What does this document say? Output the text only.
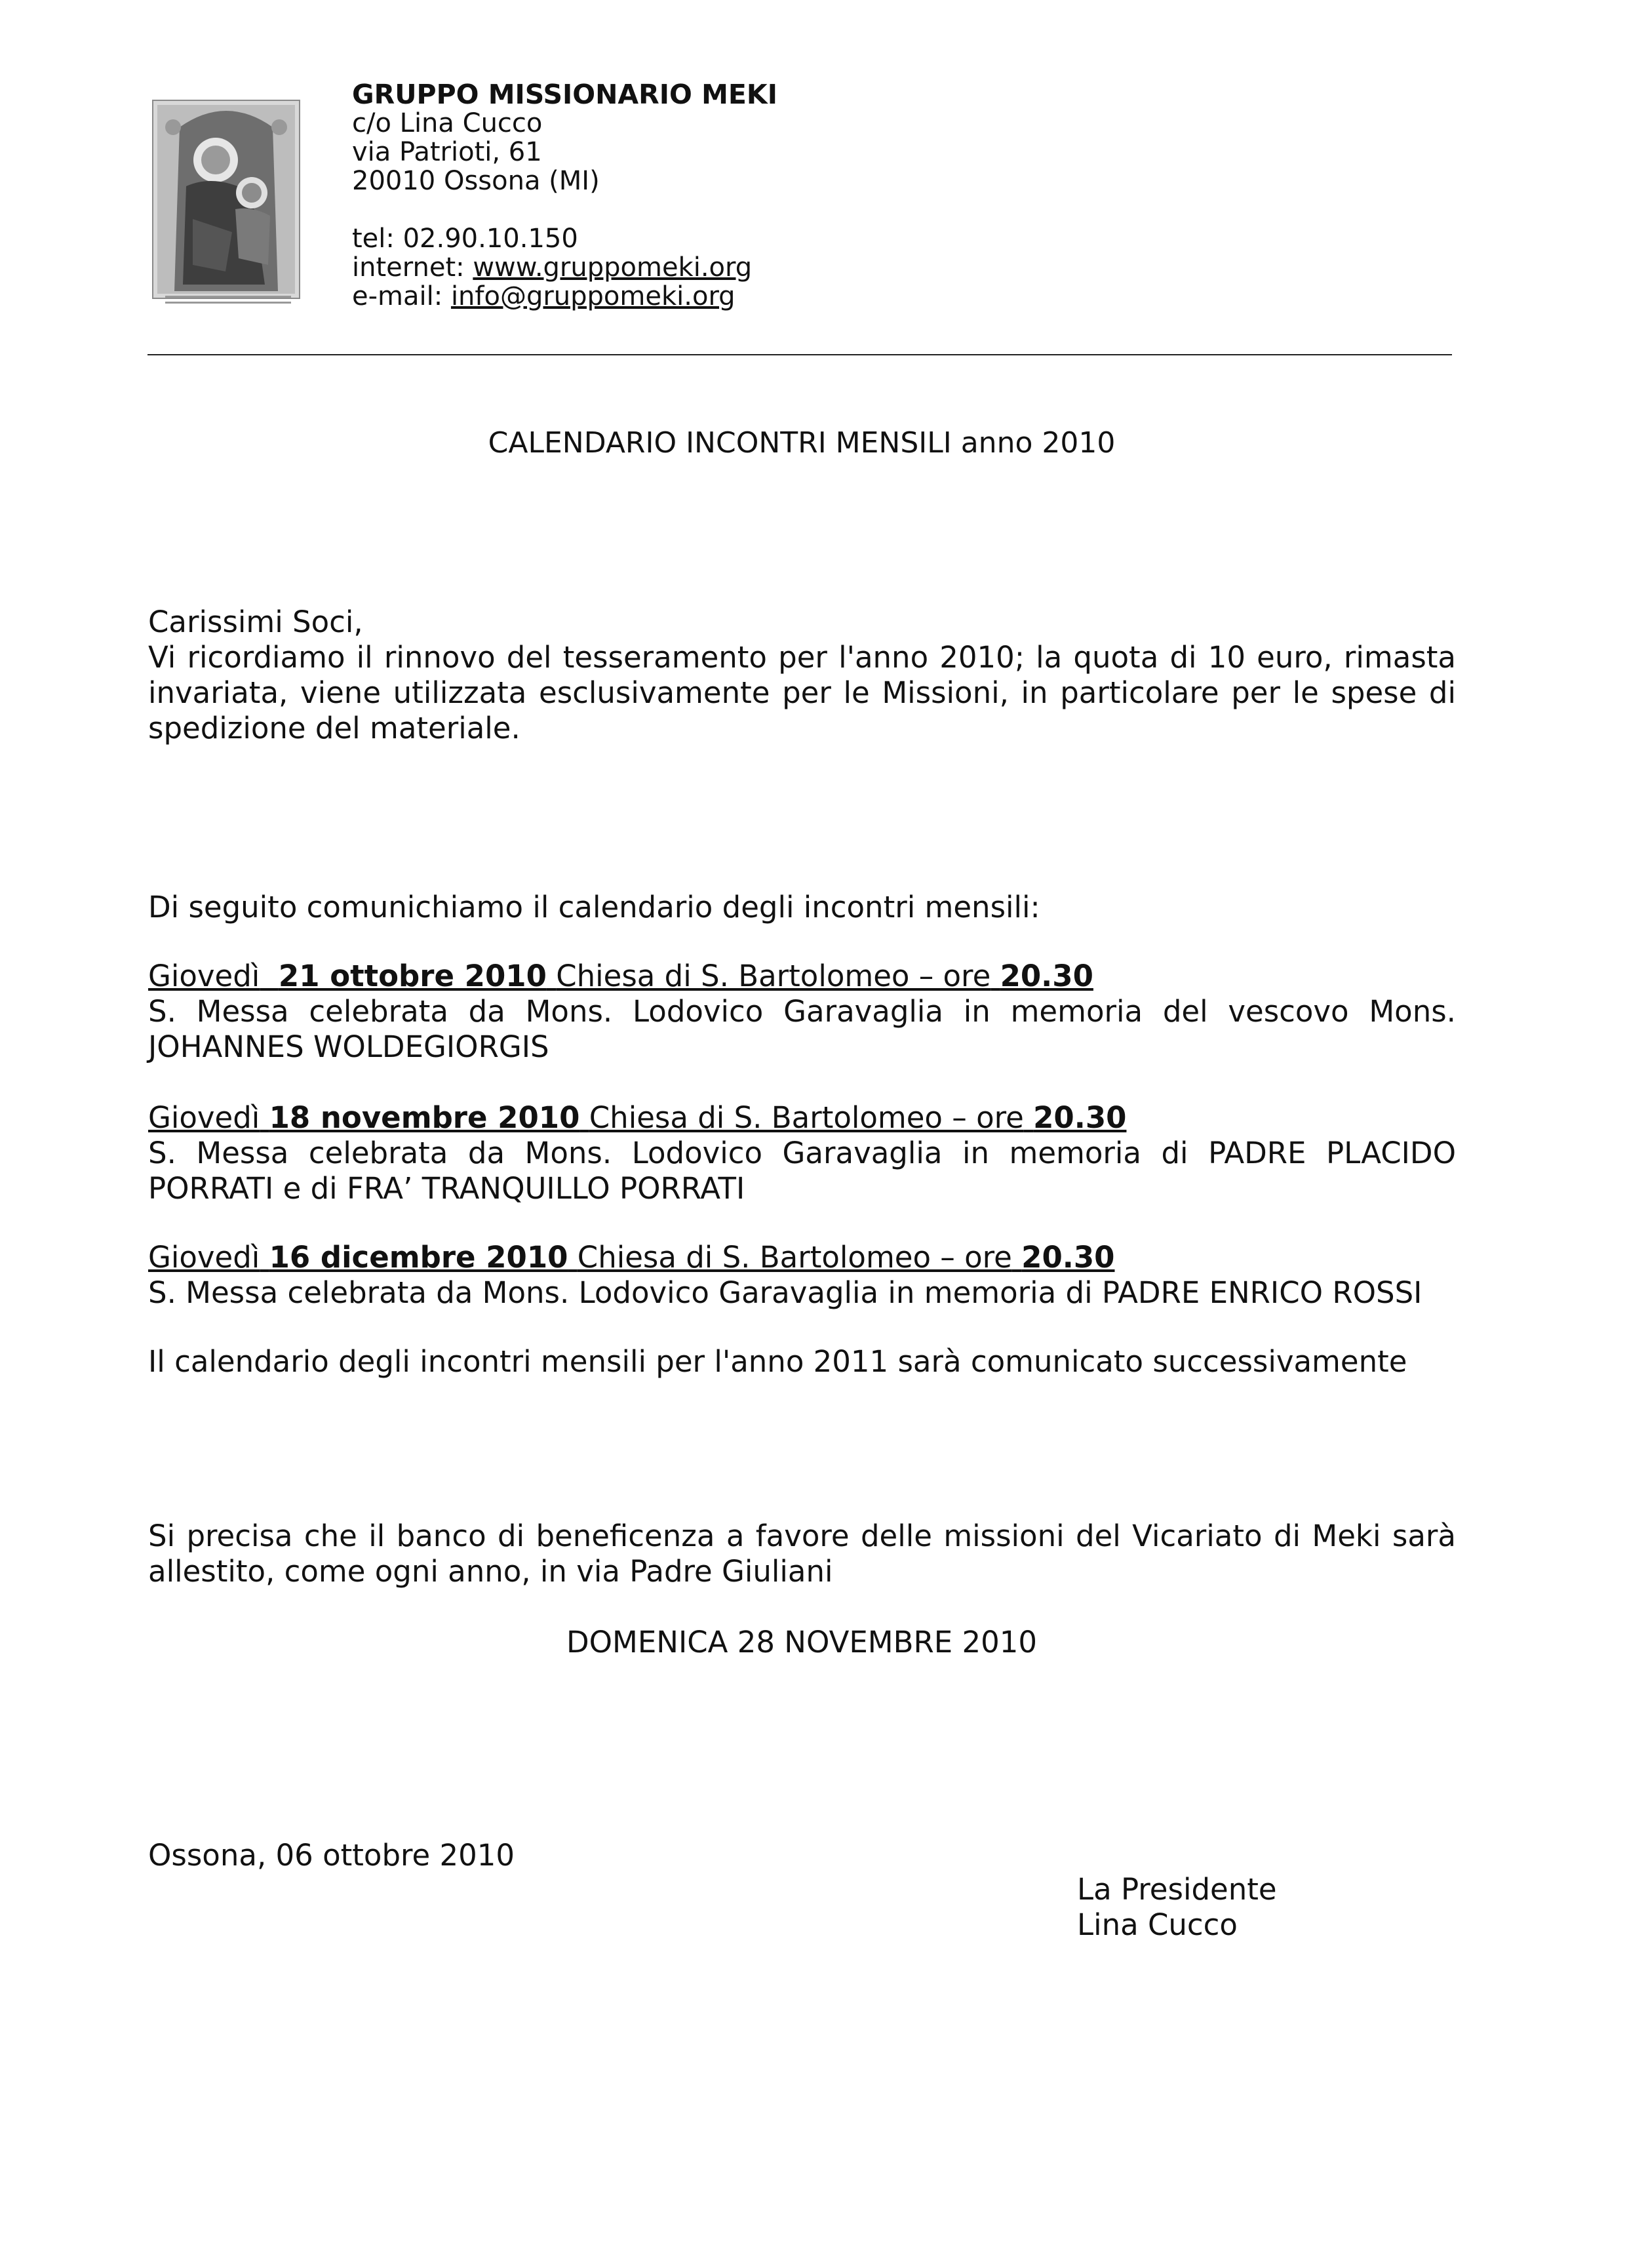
GRUPPO MISSIONARIO MEKI
c/o Lina Cucco
via Patrioti, 61
20010 Ossona (MI)
tel: 02.90.10.150
internet: www.gruppomeki.org
e-mail: info@gruppomeki.org
CALENDARIO INCONTRI MENSILI anno 2010

Carissimi Soci,

Vi ricordiamo il rinnovo del tesseramento per l'anno 2010; la quota di 10 euro, rimasta invariata, viene utilizzata esclusivamente per le Missioni, in particolare per le spese di spedizione del materiale.

Di seguito comunichiamo il calendario degli incontri mensili:
Giovedì 21 ottobre 2010 Chiesa di S. Bartolomeo – ore 20.30
S. Messa celebrata da Mons. Lodovico Garavaglia in memoria del vescovo Mons. JOHANNES WOLDEGIORGIS
Giovedì 18 novembre 2010 Chiesa di S. Bartolomeo – ore 20.30
S. Messa celebrata da Mons. Lodovico Garavaglia in memoria di PADRE PLACIDO PORRATI e di FRA’ TRANQUILLO PORRATI
Giovedì 16 dicembre 2010 Chiesa di S. Bartolomeo – ore 20.30
S. Messa celebrata da Mons. Lodovico Garavaglia in memoria di PADRE ENRICO ROSSI
Il calendario degli incontri mensili per l'anno 2011 sarà comunicato successivamente
Si precisa che il banco di beneficenza a favore delle missioni del Vicariato di Meki sarà allestito, come ogni anno, in via Padre Giuliani
DOMENICA 28 NOVEMBRE 2010
Ossona, 06 ottobre 2010
La Presidente
Lina Cucco
